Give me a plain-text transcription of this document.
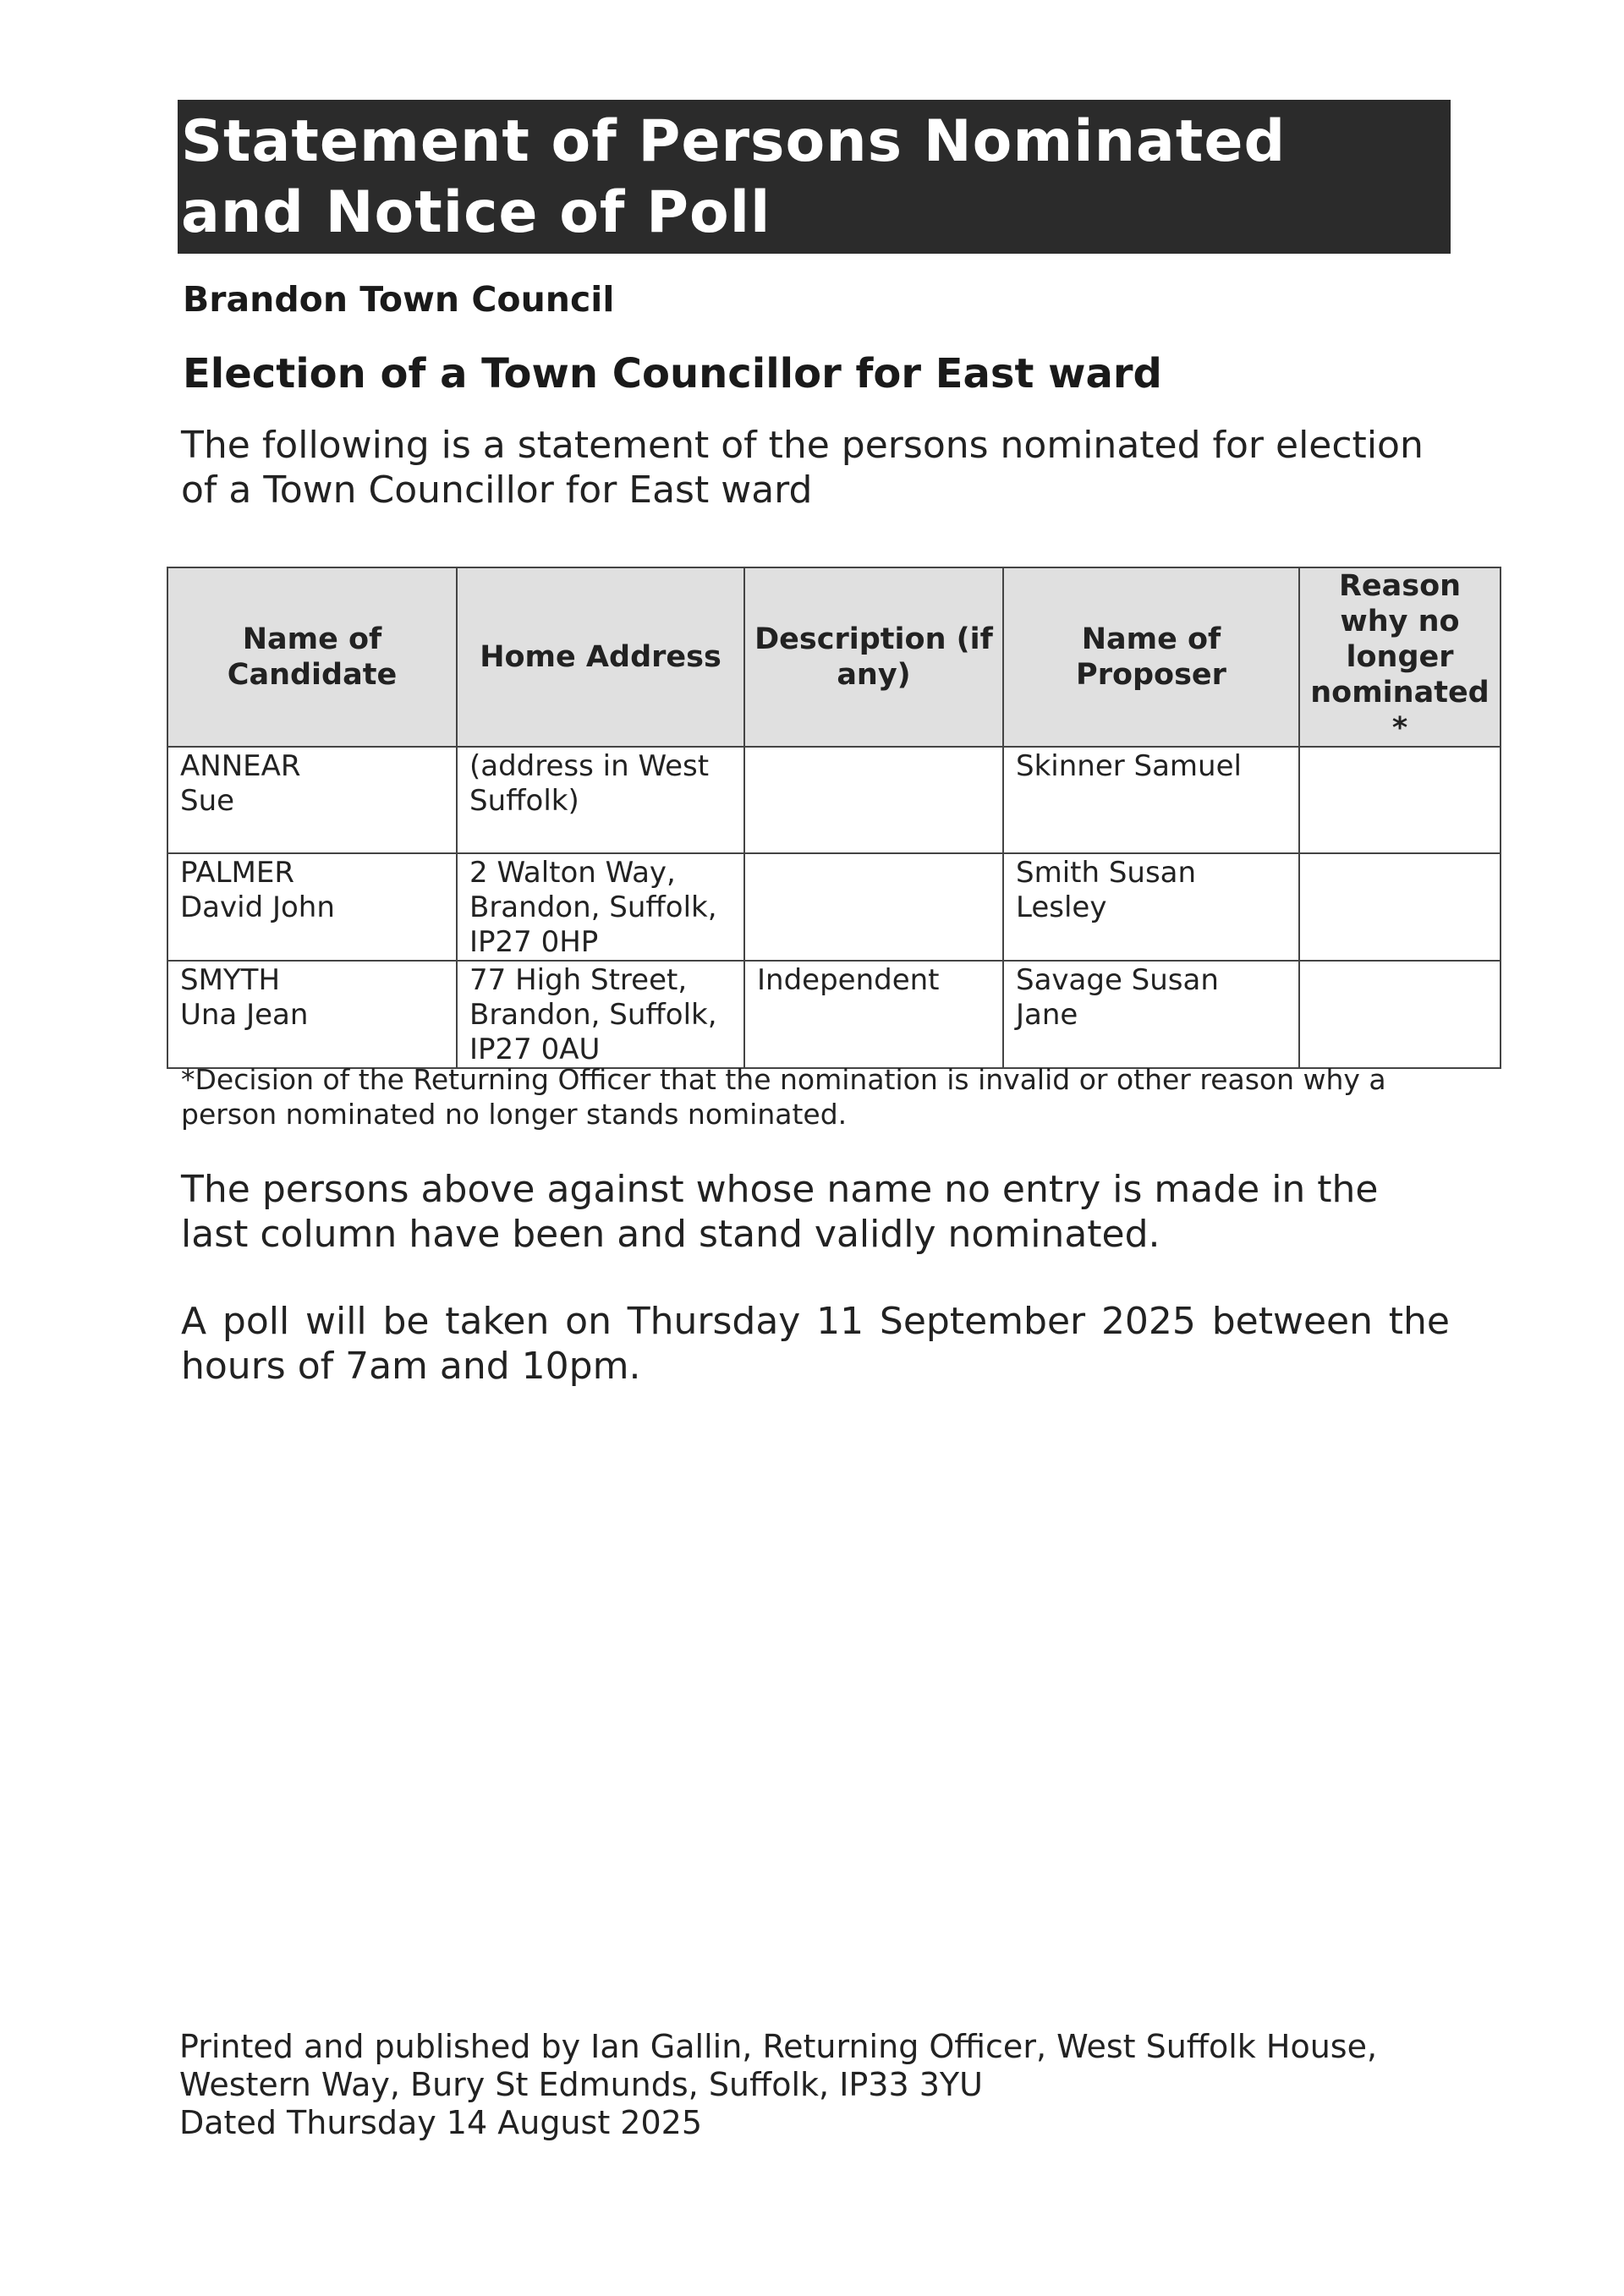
Statement of Persons Nominated
and Notice of Poll
Brandon Town Council
Election of a Town Councillor for East ward
The following is a statement of the persons nominated for election of a Town Councillor for East ward
Name of Candidate	Home Address	Description (if any)	Name of Proposer	Reason why no longer nominated *

ANNEAR
Sue	(address in West
Suffolk)		Skinner Samuel	

PALMER
David John	2 Walton Way,
Brandon, Suffolk,
IP27 0HP		Smith Susan
Lesley	

SMYTH
Una Jean	77 High Street,
Brandon, Suffolk,
IP27 0AU	Independent	Savage Susan
Jane	

*Decision of the Returning Officer that the nomination is invalid or other reason why a person nominated no longer stands nominated.
The persons above against whose name no entry is made in the last column have been and stand validly nominated.
A poll will be taken on Thursday 11 September 2025 between the hours of 7am and 10pm.
Printed and published by Ian Gallin, Returning Officer, West Suffolk House,
Western Way, Bury St Edmunds, Suffolk, IP33 3YU
Dated Thursday 14 August 2025
